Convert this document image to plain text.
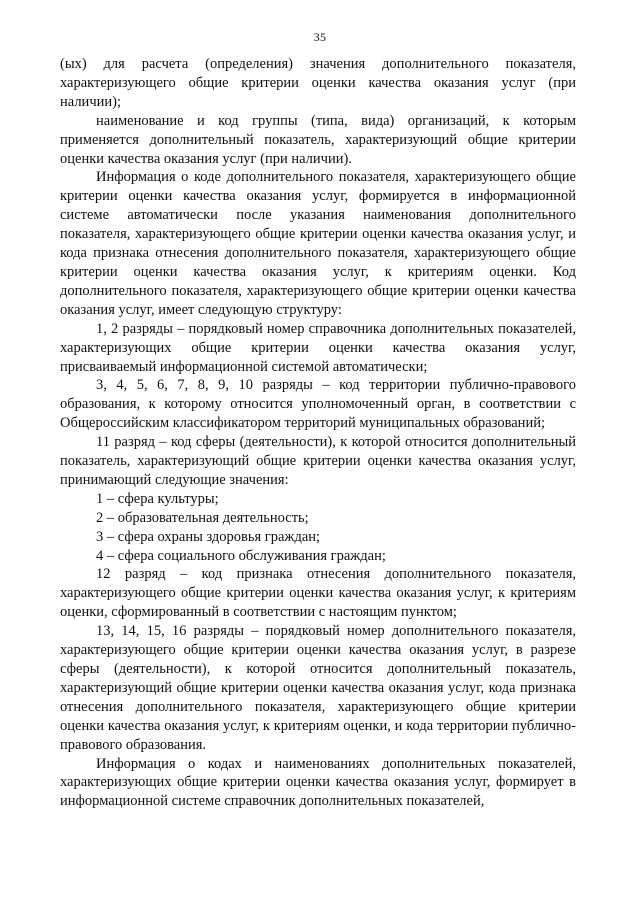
35

(ых) для расчета (определения) значения дополнительного показателя, характеризующего общие критерии оценки качества оказания услуг (при наличии);

наименование и код группы (типа, вида) организаций, к которым применяется дополнительный показатель, характеризующий общие критерии оценки качества оказания услуг (при наличии).

Информация о коде дополнительного показателя, характеризующего общие критерии оценки качества оказания услуг, формируется в информационной системе автоматически после указания наименования дополнительного показателя, характеризующего общие критерии оценки качества оказания услуг, и кода признака отнесения дополнительного показателя, характеризующего общие критерии оценки качества оказания услуг, к критериям оценки. Код дополнительного показателя, характеризующего общие критерии оценки качества оказания услуг, имеет следующую структуру:

1, 2 разряды – порядковый номер справочника дополнительных показателей, характеризующих общие критерии оценки качества оказания услуг, присваиваемый информационной системой автоматически;

3, 4, 5, 6, 7, 8, 9, 10 разряды – код территории публично-правового образования, к которому относится уполномоченный орган, в соответствии с Общероссийским классификатором территорий муниципальных образований;

11 разряд – код сферы (деятельности), к которой относится дополнительный показатель, характеризующий общие критерии оценки качества оказания услуг, принимающий следующие значения:

1 – сфера культуры;

2 – образовательная деятельность;

3 – сфера охраны здоровья граждан;

4 – сфера социального обслуживания граждан;

12 разряд – код признака отнесения дополнительного показателя, характеризующего общие критерии оценки качества оказания услуг, к критериям оценки, сформированный в соответствии с настоящим пунктом;

13, 14, 15, 16 разряды – порядковый номер дополнительного показателя, характеризующего общие критерии оценки качества оказания услуг, в разрезе сферы (деятельности), к которой относится дополнительный показатель, характеризующий общие критерии оценки качества оказания услуг, кода признака отнесения дополнительного показателя, характеризующего общие критерии оценки качества оказания услуг, к критериям оценки, и кода территории публично-правового образования.

Информация о кодах и наименованиях дополнительных показателей, характеризующих общие критерии оценки качества оказания услуг, формирует в информационной системе справочник дополнительных показателей,
